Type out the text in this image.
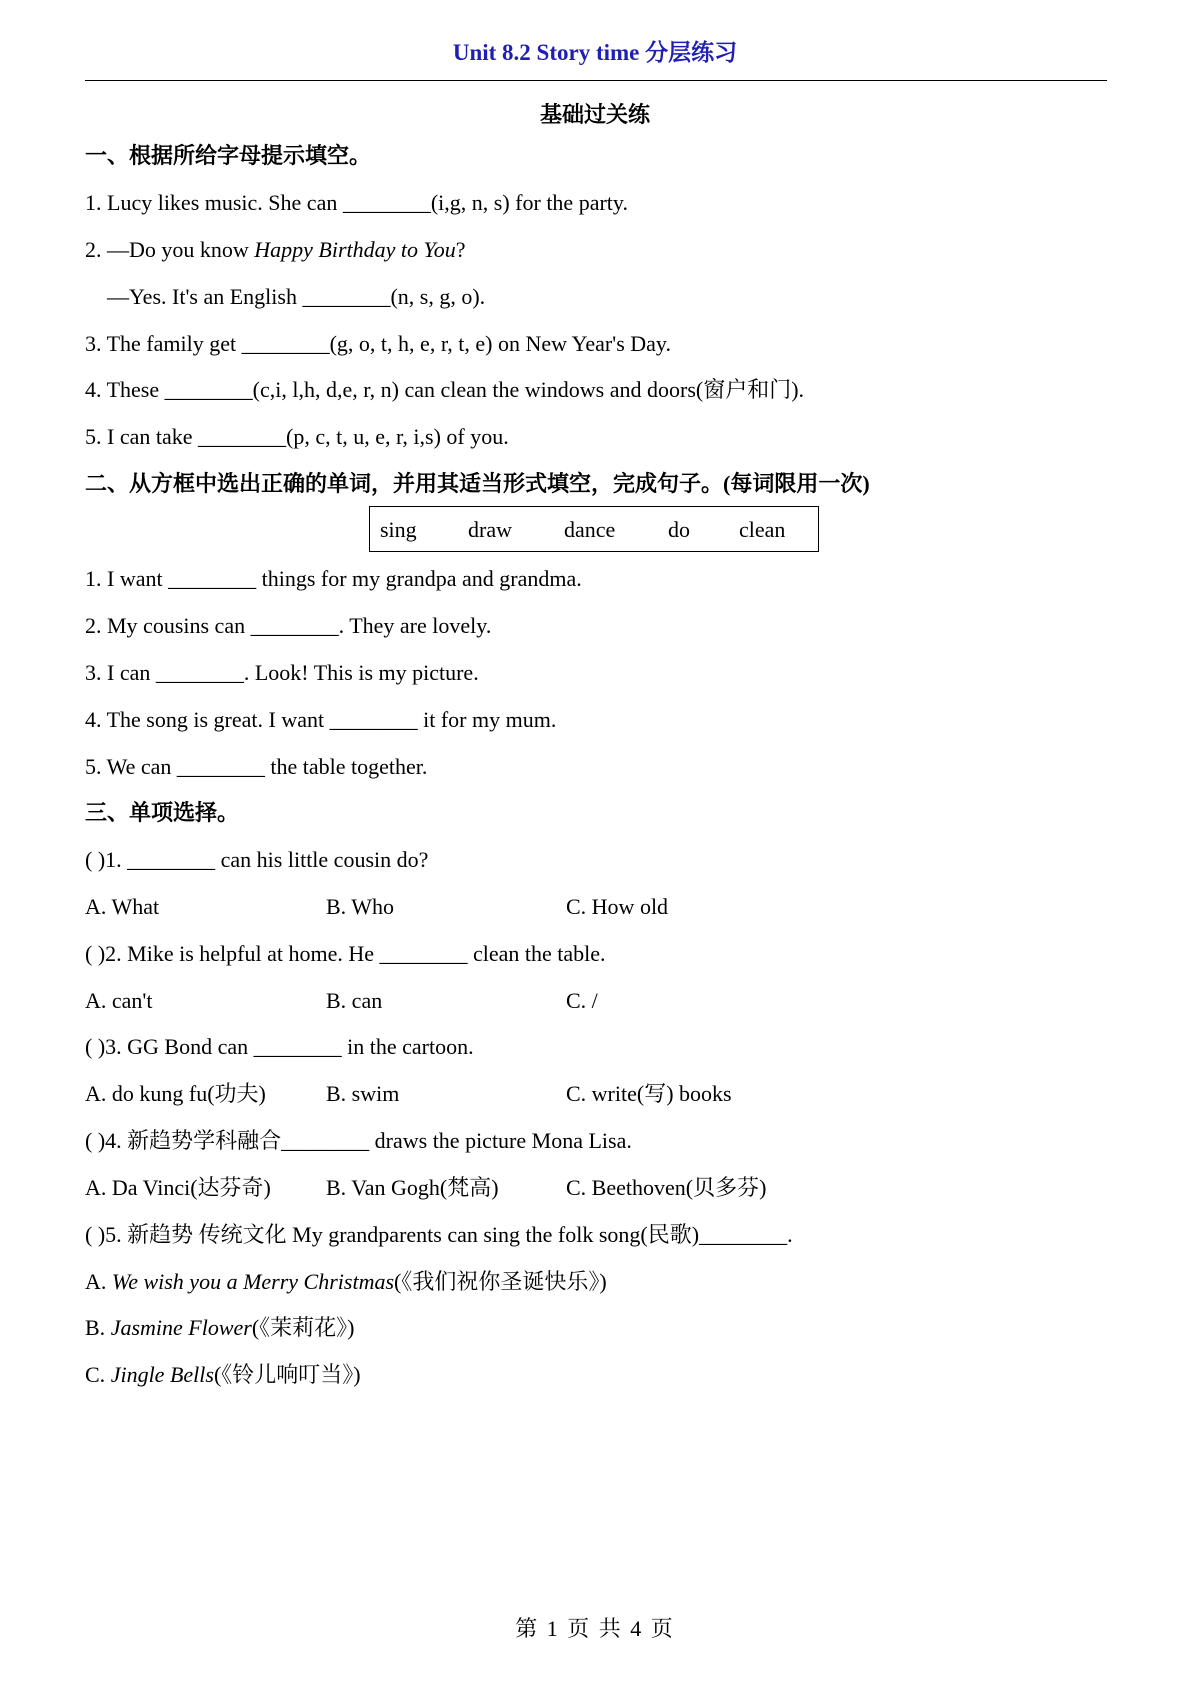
Unit 8.2 Story time 分层练习
基础过关练
一、根据所给字母提示填空。
1. Lucy likes music. She can ________(i,g, n, s) for the party.
2. —Do you know Happy Birthday to You?
—Yes. It's an English ________(n, s, g, o).
3. The family get ________(g, o, t, h, e, r, t, e) on New Year's Day.
4. These ________(c,i, l,h, d,e, r, n) can clean the windows and doors(窗户和门).
5. I can take ________(p, c, t, u, e, r, i,s) of you.
二、从方框中选出正确的单词，并用其适当形式填空，完成句子。(每词限用一次)
sing draw dance do clean
1. I want ________ things for my grandpa and grandma.
2. My cousins can ________. They are lovely.
3. I can ________. Look! This is my picture.
4. The song is great. I want ________ it for my mum.
5. We can ________ the table together.
三、单项选择。
( )1. ________ can his little cousin do?
A. What	B. Who	C. How old
( )2. Mike is helpful at home. He ________ clean the table.
A. can't	B. can	C. /
( )3. GG Bond can ________ in the cartoon.
A. do kung fu(功夫)	B. swim	C. write(写) books
( )4. 新趋势学科融合________ draws the picture Mona Lisa.
A. Da Vinci(达芬奇)	B. Van Gogh(梵高)	C. Beethoven(贝多芬)
( )5. 新趋势 传统文化 My grandparents can sing the folk song(民歌)________.
A. We wish you a Merry Christmas(《我们祝你圣诞快乐》)
B. Jasmine Flower(《茉莉花》)
C. Jingle Bells(《铃儿响叮当》)
第 1 页 共 4 页
